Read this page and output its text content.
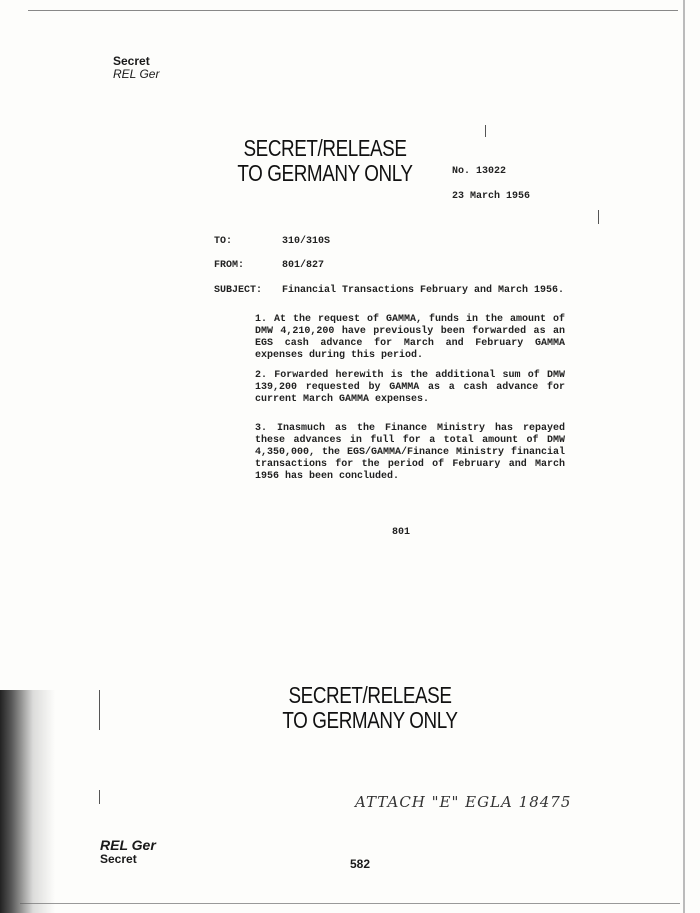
Secret
REL Ger
SECRET/RELEASE
TO GERMANY ONLY	No. 13022
23 March 1956
TO:	310/310S
FROM:	801/827
SUBJECT: Financial Transactions February and March 1956.
1. At the request of GAMMA, funds in the amount of DMW 4,210,200 have previously been forwarded as an EGS cash advance for March and February GAMMA expenses during this period.
2. Forwarded herewith is the additional sum of DMW 139,200 requested by GAMMA as a cash advance for current March GAMMA expenses.
3. Inasmuch as the Finance Ministry has repayed these advances in full for a total amount of DMW 4,350,000, the EGS/GAMMA/Finance Ministry financial transactions for the period of February and March 1956 has been concluded.
801
SECRET/RELEASE
TO GERMANY ONLY
ATTACH "E" EGLA 18475
REL Ger
Secret	582
